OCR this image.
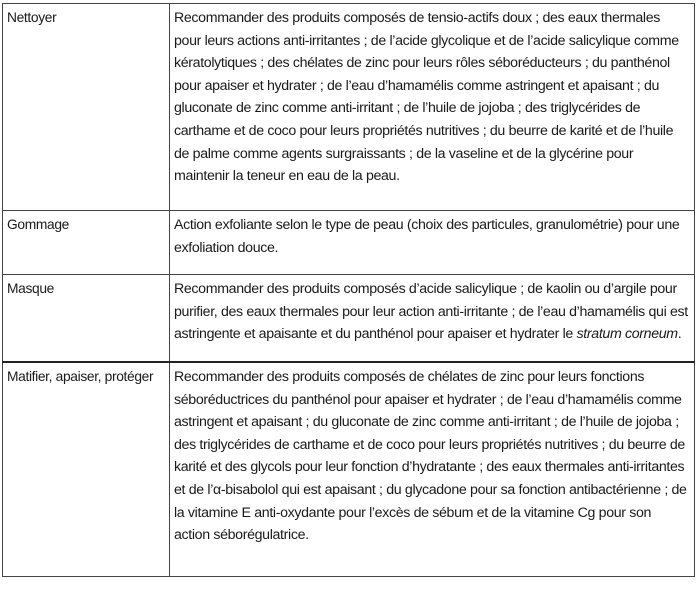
Nettoyer	Recommander des produits composés de tensio-actifs doux ; des eaux thermales pour leurs actions anti-irritantes ; de l’acide glycolique et de l’acide salicylique comme kératolytiques ; des chélates de zinc pour leurs rôles séboréducteurs ; du panthénol pour apaiser et hydrater ; de l’eau d’hamamélis comme astringent et apaisant ; du gluconate de zinc comme anti-irritant ; de l’huile de jojoba ; des triglycérides de carthame et de coco pour leurs propriétés nutritives ; du beurre de karité et de l’huile de palme comme agents surgraissants ; de la vaseline et de la glycérine pour maintenir la teneur en eau de la peau.
Gommage	Action exfoliante selon le type de peau (choix des particules, granulométrie) pour une exfoliation douce.
Masque	Recommander des produits composés d’acide salicylique ; de kaolin ou d’argile pour purifier, des eaux thermales pour leur action anti-irritante ; de l’eau d’hamamélis qui est astringente et apaisante et du panthénol pour apaiser et hydrater le stratum corneum.
Matifier, apaiser, protéger	Recommander des produits composés de chélates de zinc pour leurs fonctions séboréductrices du panthénol pour apaiser et hydrater ; de l’eau d’hamamélis comme astringent et apaisant ; du gluconate de zinc comme anti-irritant ; de l’huile de jojoba ; des triglycérides de carthame et de coco pour leurs propriétés nutritives ; du beurre de karité et des glycols pour leur fonction d’hydratante ; des eaux thermales anti-irritantes et de l’α-bisabolol qui est apaisant ; du glycadone pour sa fonction antibactérienne ; de la vitamine E anti-oxydante pour l’excès de sébum et de la vitamine Cg pour son action séborégulatrice.
